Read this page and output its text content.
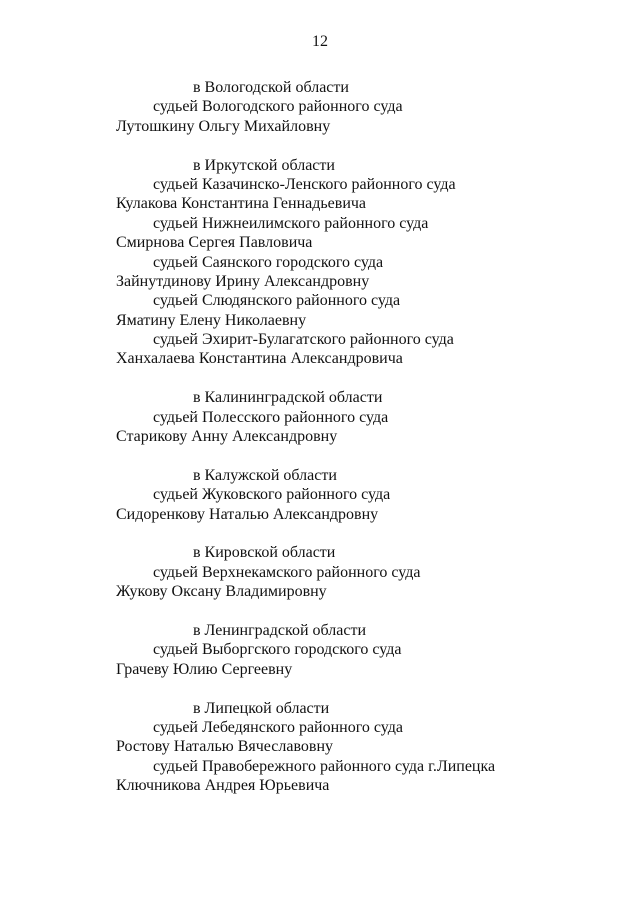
12
в Вологодской области
судьей Вологодского районного суда
Лутошкину Ольгу Михайловну
в Иркутской области
судьей Казачинско-Ленского районного суда
Кулакова Константина Геннадьевича
судьей Нижнеилимского районного суда
Смирнова Сергея Павловича
судьей Саянского городского суда
Зайнутдинову Ирину Александровну
судьей Слюдянского районного суда
Яматину Елену Николаевну
судьей Эхирит-Булагатского районного суда
Ханхалаева Константина Александровича
в Калининградской области
судьей Полесского районного суда
Старикову Анну Александровну
в Калужской области
судьей Жуковского районного суда
Сидоренкову Наталью Александровну
в Кировской области
судьей Верхнекамского районного суда
Жукову Оксану Владимировну
в Ленинградской области
судьей Выборгского городского суда
Грачеву Юлию Сергеевну
в Липецкой области
судьей Лебедянского районного суда
Ростову Наталью Вячеславовну
судьей Правобережного районного суда г.Липецка
Ключникова Андрея Юрьевича
